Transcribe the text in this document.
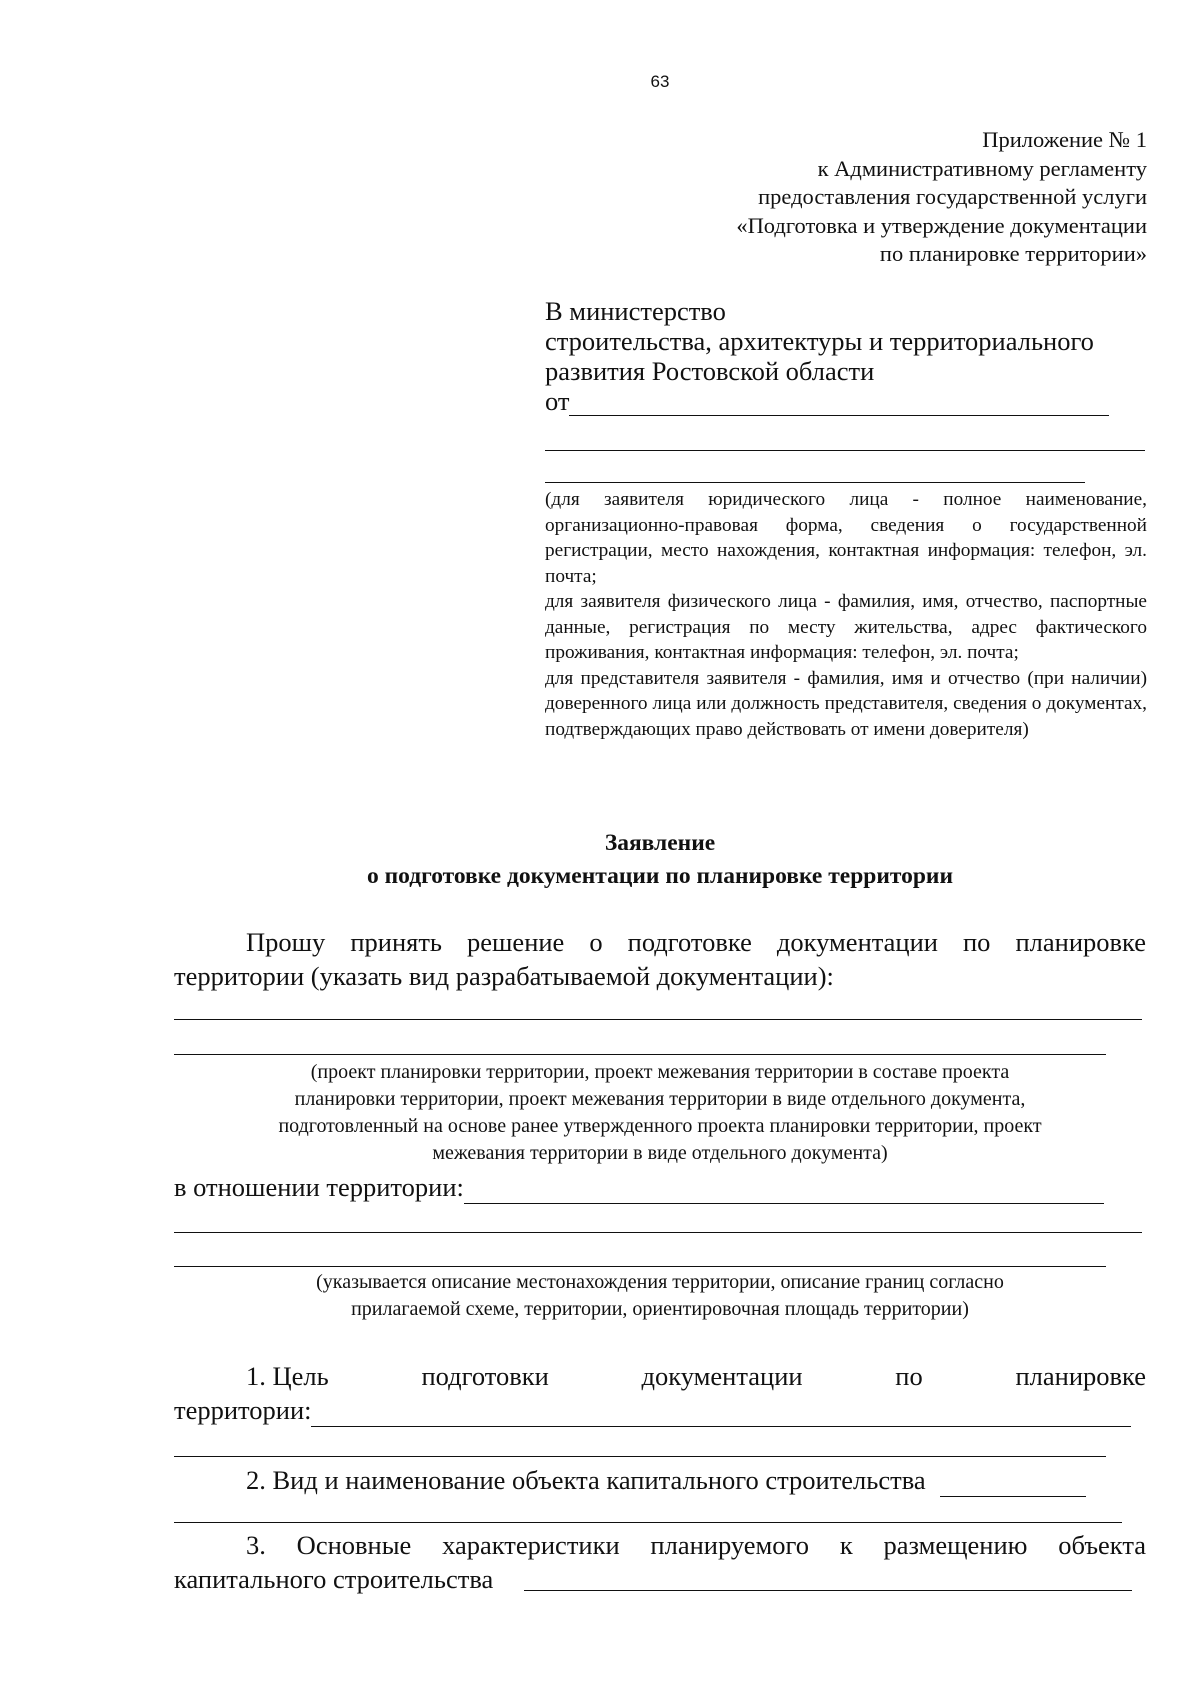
63
Приложение № 1
к Административному регламенту
предоставления государственной услуги
«Подготовка и утверждение документации
по планировке территории»
В министерство
строительства, архитектуры и территориального
развития Ростовской области
от

(для заявителя юридического лица - полное наименование, организационно-правовая форма, сведения о государственной регистрации, место нахождения, контактная информация: телефон, эл. почта;

для заявителя физического лица - фамилия, имя, отчество, паспортные данные, регистрация по месту жительства, адрес фактического проживания, контактная информация: телефон, эл. почта;

для представителя заявителя - фамилия, имя и отчество (при наличии) доверенного лица или должность представителя, сведения о документах, подтверждающих право действовать от имени доверителя)

Заявление
о подготовке документации по планировке территории
Прошу принять решение о подготовке документации по планировке территории (указать вид разрабатываемой документации):
(проект планировки территории, проект межевания территории в составе проекта
планировки территории, проект межевания территории в виде отдельного документа,
подготовленный на основе ранее утвержденного проекта планировки территории, проект
межевания территории в виде отдельного документа)
в отношении территории:
(указывается описание местонахождения территории, описание границ согласно
прилагаемой схеме, территории, ориентировочная площадь территории)
1. Цель	подготовки	документации	по	планировке
территории:
2. Вид и наименование объекта капитального строительства
3. Основные характеристики планируемого к размещению объекта капитального строительства
